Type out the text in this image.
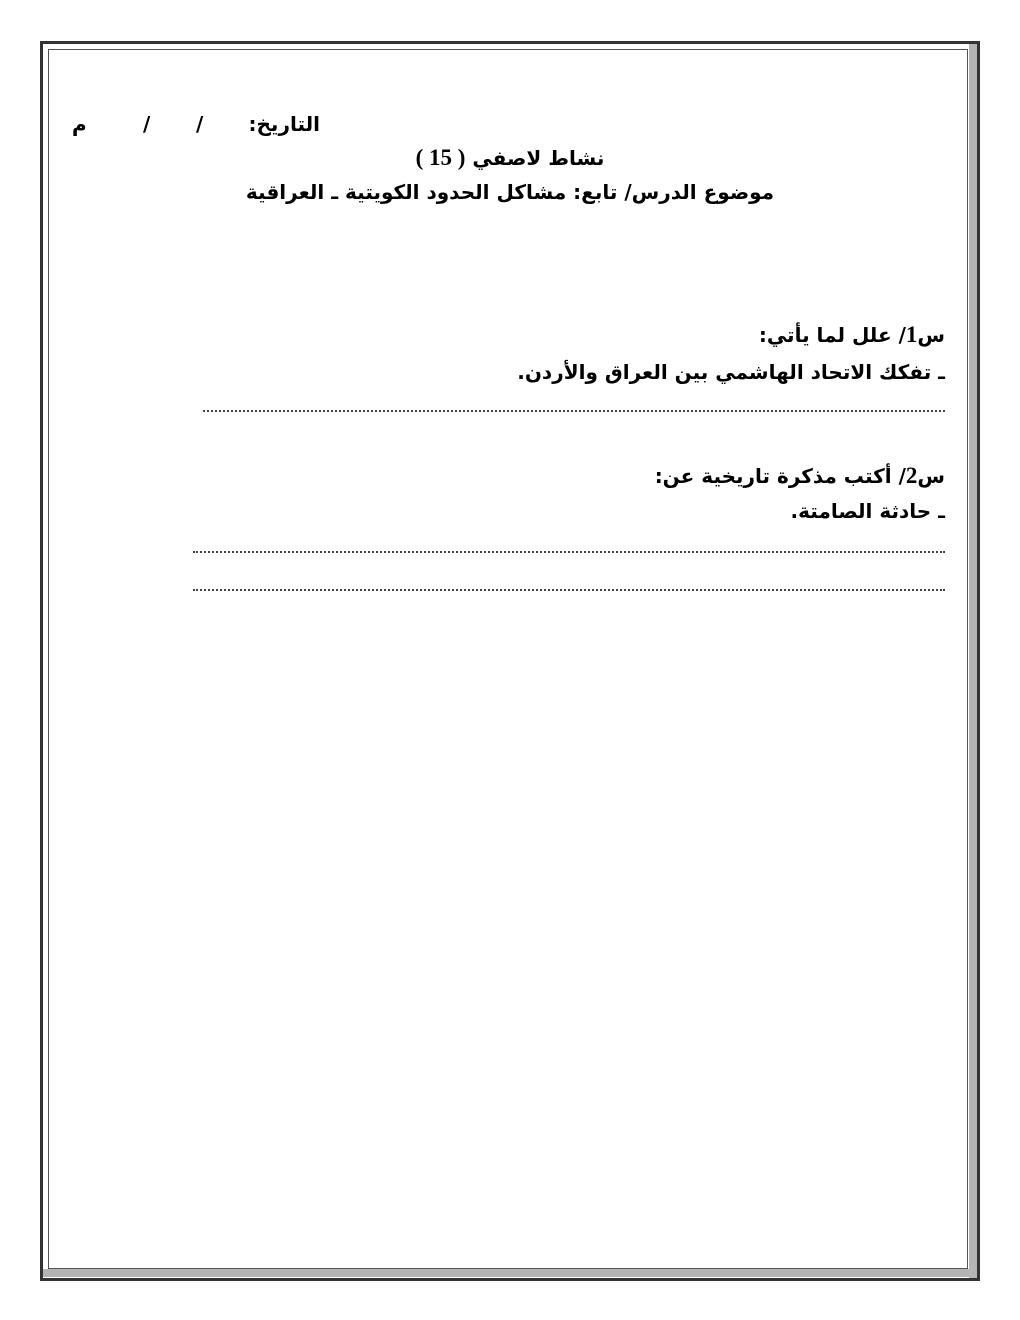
التاريخ:
/
/
م
نشاط لاصفي ( 15 )
موضوع الدرس/ تابع: مشاكل الحدود الكويتية ـ العراقية
س1/ علل لما يأتي:
ـ تفكك الاتحاد الهاشمي بين العراق والأردن.
س2/ أكتب مذكرة تاريخية عن:
ـ حادثة الصامتة.
